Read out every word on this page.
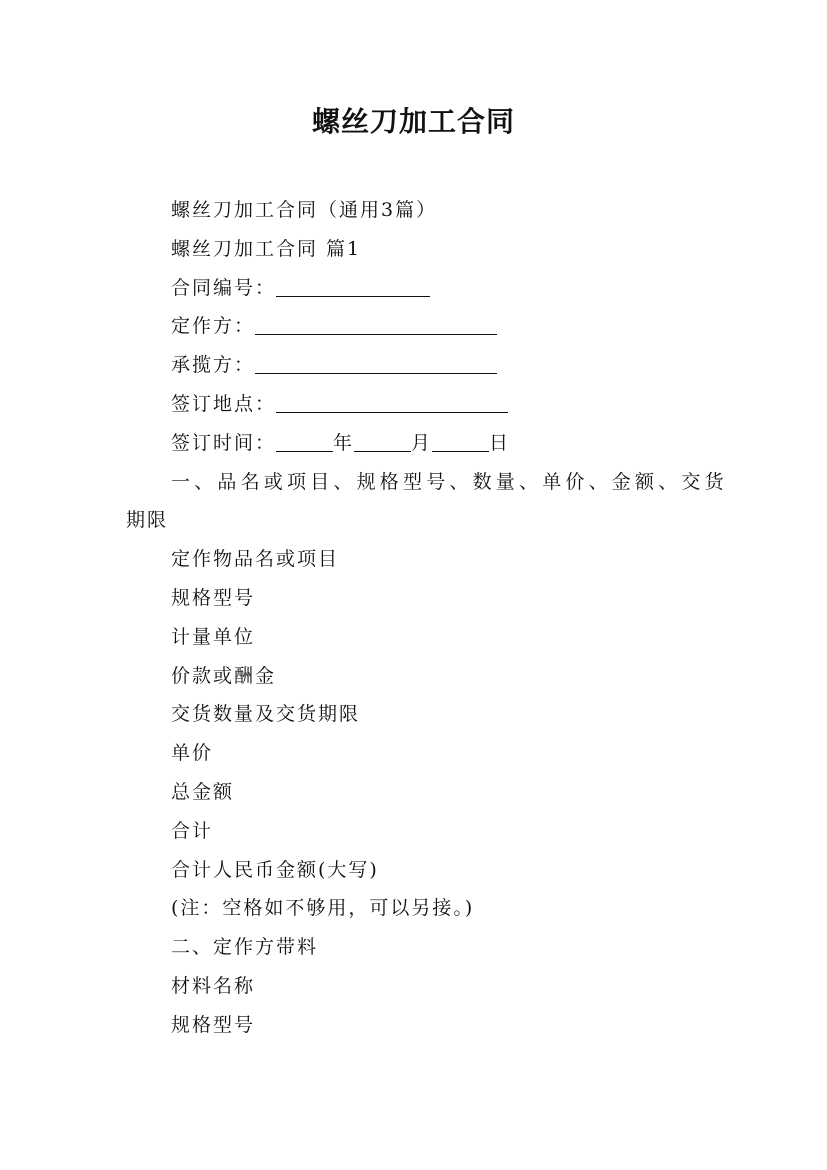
螺丝刀加工合同
螺丝刀加工合同（通用3篇）
螺丝刀加工合同 篇1
合同编号：
定作方：
承揽方：
签订地点：
签订时间：	年	月	日
一、品名或项目、规格型号、数量、单价、金额、交货
期限
定作物品名或项目
规格型号
计量单位
价款或酬金
交货数量及交货期限
单价
总金额
合计
合计人民币金额(大写)
(注：空格如不够用，可以另接。)
二、定作方带料
材料名称
规格型号
